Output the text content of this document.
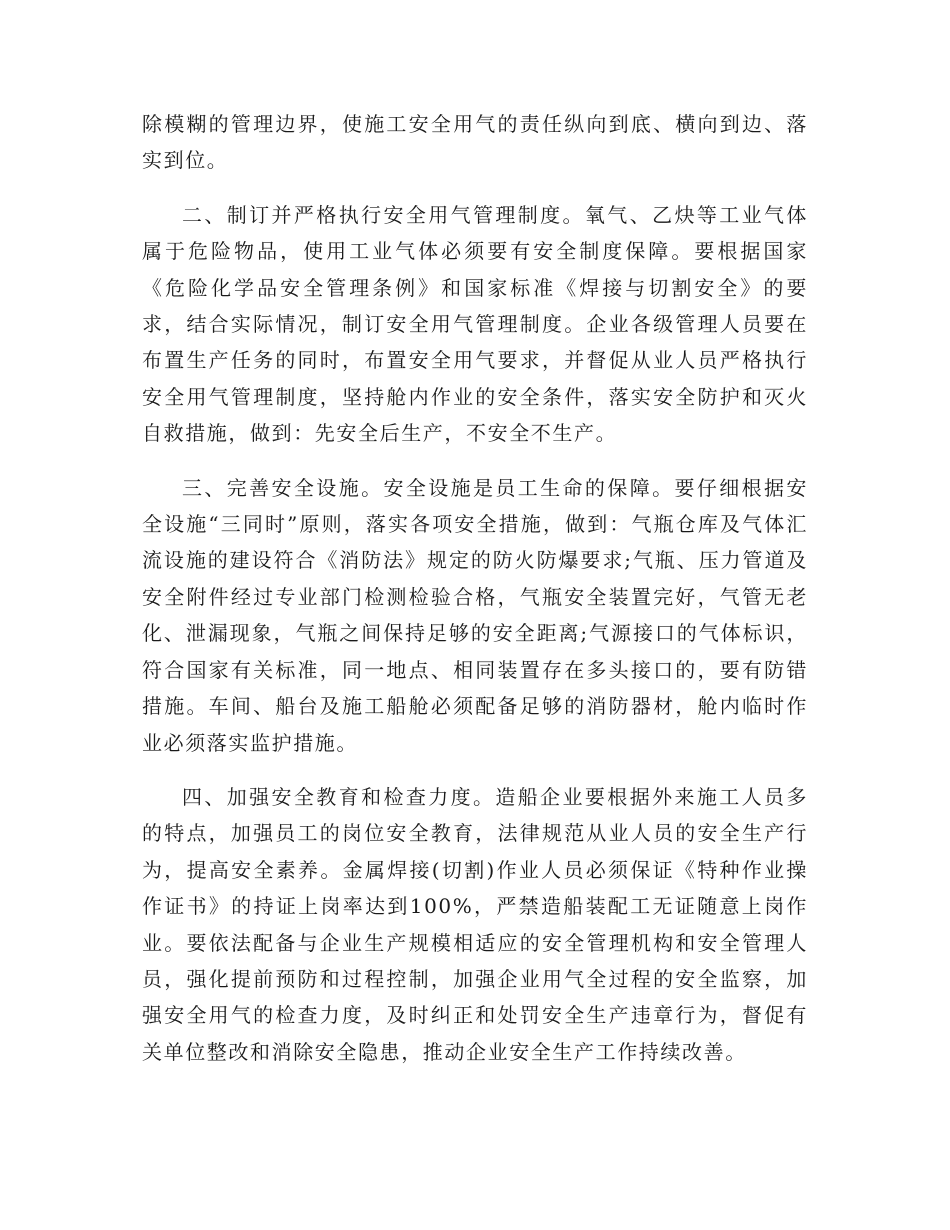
除模糊的管理边界，使施工安全用气的责任纵向到底、横向到边、落实到位。

二、制订并严格执行安全用气管理制度。氧气、乙炔等工业气体属于危险物品，使用工业气体必须要有安全制度保障。要根据国家《危险化学品安全管理条例》和国家标准《焊接与切割安全》的要求，结合实际情况，制订安全用气管理制度。企业各级管理人员要在布置生产任务的同时，布置安全用气要求，并督促从业人员严格执行安全用气管理制度，坚持舱内作业的安全条件，落实安全防护和灭火自救措施，做到：先安全后生产，不安全不生产。

三、完善安全设施。安全设施是员工生命的保障。要仔细根据安全设施“三同时”原则，落实各项安全措施，做到：气瓶仓库及气体汇流设施的建设符合《消防法》规定的防火防爆要求;气瓶、压力管道及安全附件经过专业部门检测检验合格，气瓶安全装置完好，气管无老化、泄漏现象，气瓶之间保持足够的安全距离;气源接口的气体标识，符合国家有关标准，同一地点、相同装置存在多头接口的，要有防错措施。车间、船台及施工船舱必须配备足够的消防器材，舱内临时作业必须落实监护措施。

四、加强安全教育和检查力度。造船企业要根据外来施工人员多的特点，加强员工的岗位安全教育，法律规范从业人员的安全生产行为，提高安全素养。金属焊接(切割)作业人员必须保证《特种作业操作证书》的持证上岗率达到100%，严禁造船装配工无证随意上岗作业。要依法配备与企业生产规模相适应的安全管理机构和安全管理人员，强化提前预防和过程控制，加强企业用气全过程的安全监察，加强安全用气的检查力度，及时纠正和处罚安全生产违章行为，督促有关单位整改和消除安全隐患，推动企业安全生产工作持续改善。
